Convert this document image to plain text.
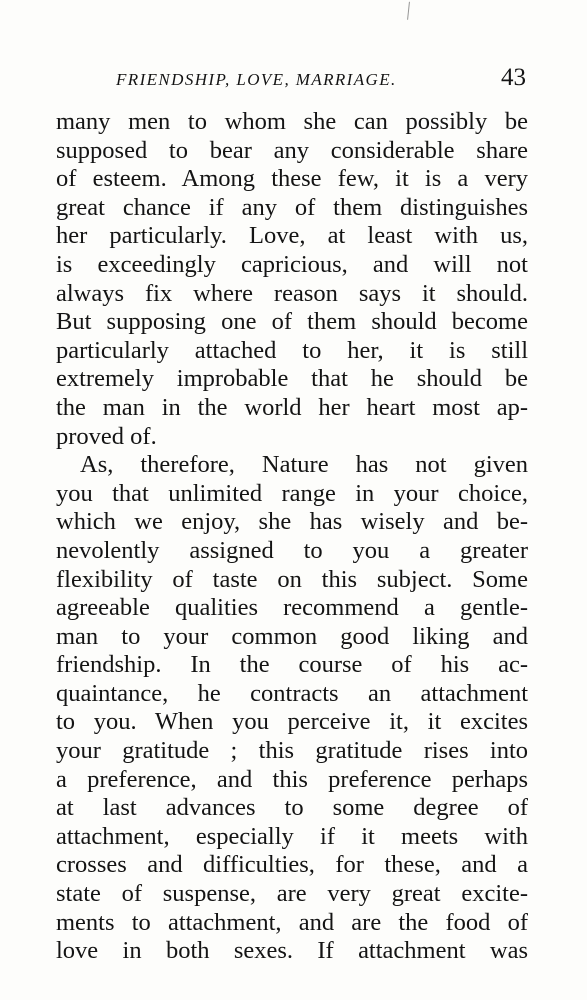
FRIENDSHIP, LOVE, MARRIAGE.	43
many men to whom she can possibly be
supposed to bear any considerable share
of esteem. Among these few, it is a very
great chance if any of them distinguishes
her particularly. Love, at least with us,
is exceedingly capricious, and will not
always fix where reason says it should.
But supposing one of them should become
particularly attached to her, it is still
extremely improbable that he should be
the man in the world her heart most ap-
proved of.
As, therefore, Nature has not given
you that unlimited range in your choice,
which we enjoy, she has wisely and be-
nevolently assigned to you a greater
flexibility of taste on this subject. Some
agreeable qualities recommend a gentle-
man to your common good liking and
friendship. In the course of his ac-
quaintance, he contracts an attachment
to you. When you perceive it, it excites
your gratitude ; this gratitude rises into
a preference, and this preference perhaps
at last advances to some degree of
attachment, especially if it meets with
crosses and difficulties, for these, and a
state of suspense, are very great excite-
ments to attachment, and are the food of
love in both sexes. If attachment was
